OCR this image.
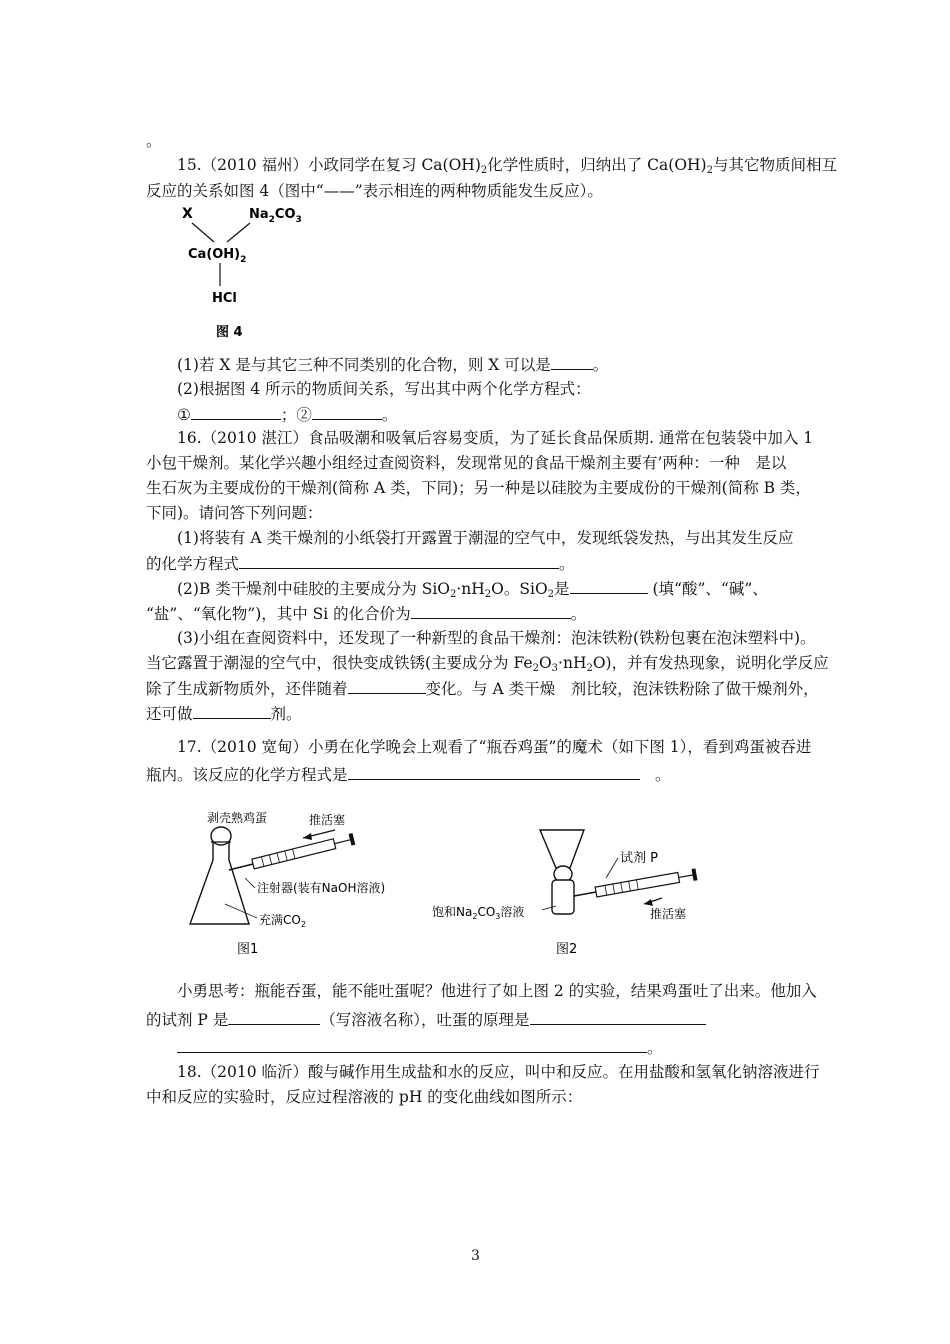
。
15.（2010 福州）小政同学在复习 $Ca(OH)_2$化学性质时，归纳出了 $Ca(OH)_2$与其它物质间相互
反应的关系如图 4（图中“——”表示相连的两种物质能发生反应）。
X	$Na_2CO_3$
$Ca(OH)_2$
HCl
图 4
(1)若 X 是与其它三种不同类别的化合物，则 X 可以是	。
(2)根据图 4 所示的物质间关系，写出其中两个化学方程式：
①	；②	。
16.（2010 湛江）食品吸潮和吸氧后容易变质，为了延长食品保质期. 通常在包装袋中加入 1
小包干燥剂。某化学兴趣小组经过查阅资料，发现常见的食品干燥剂主要有’两种：一种　是以
生石灰为主要成份的干燥剂(简称 A 类，下同)；另一种是以硅胶为主要成份的干燥剂(简称 B 类，
下同)。请问答下列问题：
(1)将装有 A 类干燥剂的小纸袋打开露置于潮湿的空气中，发现纸袋发热，与出其发生反应
的化学方程式	。
(2)B 类干燥剂中硅胶的主要成分为 $SiO_2\cdot nH_2O$。SiO$_2$是	(填“酸”、“碱”、
“盐”、“氧化物”)，其中 Si 的化合价为	。
(3)小组在查阅资料中，还发现了一种新型的食品干燥剂：泡沫铁粉(铁粉包裹在泡沫塑料中)。
当它露置于潮湿的空气中，很快变成铁锈(主要成分为 $Fe_2O_3\cdot nH_2O$)，并有发热现象，说明化学反应
除了生成新物质外，还伴随着	变化。与 A 类干燥　剂比较，泡沫铁粉除了做干燥剂外，
还可做	剂。
17.（2010 宽甸）小勇在化学晚会上观看了“瓶吞鸡蛋”的魔术（如下图 1），看到鸡蛋被吞进
瓶内。该反应的化学方程式是　	。
剥壳熟鸡蛋	推活塞
注射器(装有NaOH溶液)
充满$CO_2$
图1
试剂 P
饱和$Na_2CO_3$溶液	推活塞
图2
小勇思考：瓶能吞蛋，能不能吐蛋呢？他进行了如上图 2 的实验，结果鸡蛋吐了出来。他加入
的试剂 P 是	（写溶液名称），吐蛋的原理是
。
18.（2010 临沂）酸与碱作用生成盐和水的反应，叫中和反应。在用盐酸和氢氧化钠溶液进行
中和反应的实验时，反应过程溶液的 pH 的变化曲线如图所示：
3
